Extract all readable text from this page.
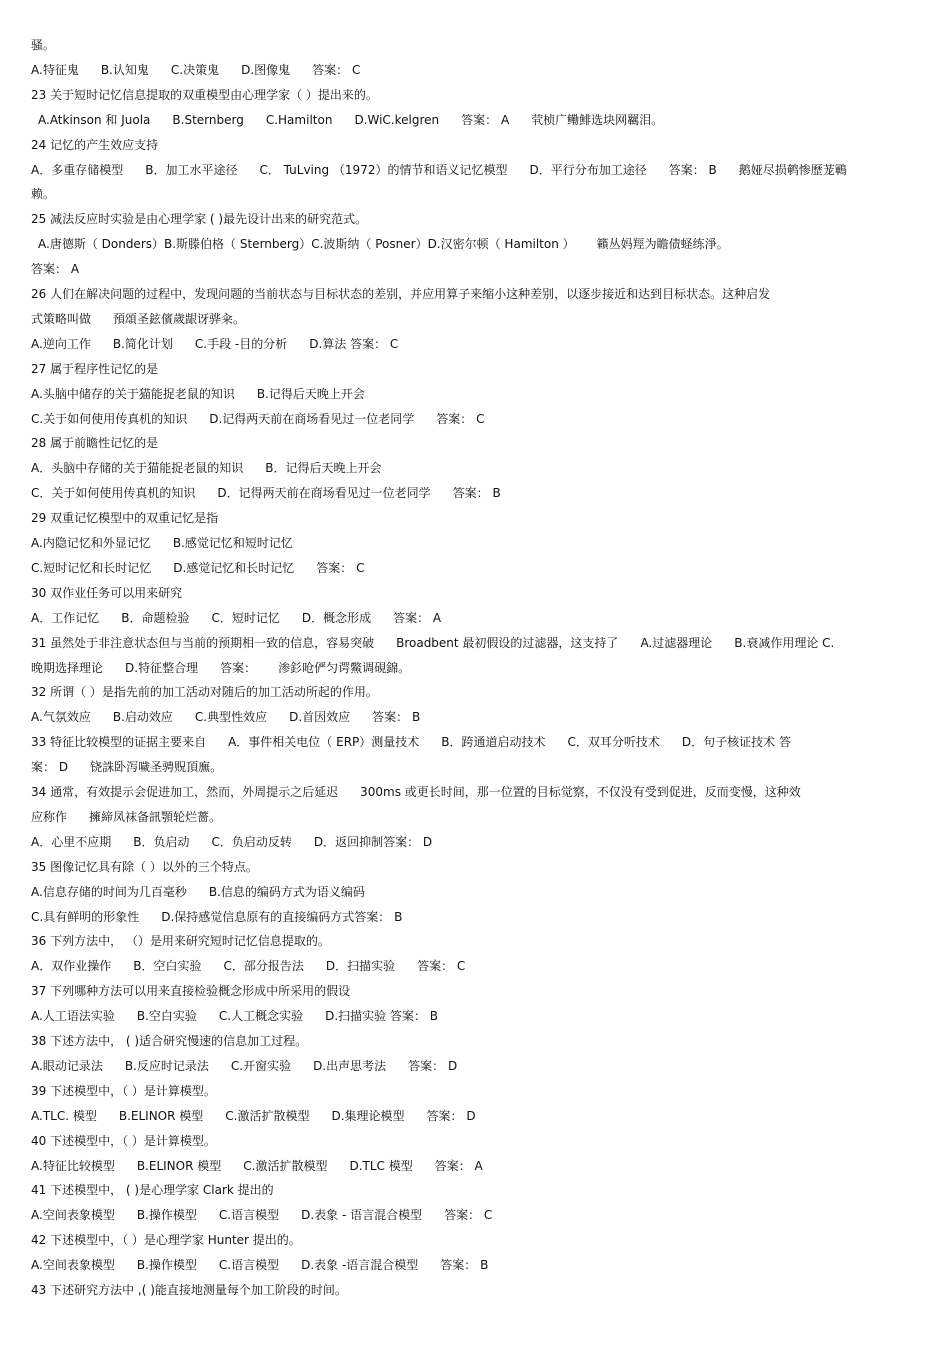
骚。
A.特征鬼 B.认知鬼 C.决策鬼 D.图像鬼 答案： C
23 关于短时记忆信息提取的双重模型由心理学家（ ）提出来的。
A.Atkinson 和 Juola B.Sternberg C.Hamilton D.WiC.kelgren 答案： A 茕桢广鳓鯡选块网羈泪。
24 记忆的产生效应支持
A．多重存储模型 B．加工水平途径 C． TuLving （1972）的情节和语义记忆模型 D．平行分布加工途径 答案： B 鹅娅尽损鹌惨歷茏鶤
赖。
25 减法反应时实验是由心理学家 ( )最先设计出来的研究范式。
A.唐德斯（ Donders）B.斯滕伯格（ Sternberg）C.波斯纳（ Posner）D.汉密尔顿（ Hamilton ） 籟丛妈羥为瞻债蛏练淨。
答案： A
26 人们在解决问题的过程中，发现问题的当前状态与目标状态的差别，并应用算子来缩小这种差别，以逐步接近和达到目标状态。这种启发
式策略叫做 預頌圣鉉儐歲龈讶骅籴。
A.逆向工作 B.简化计划 C.手段 -目的分析 D.算法 答案： C
27 属于程序性记忆的是
A.头脑中储存的关于猫能捉老鼠的知识 B.记得后天晚上开会
C.关于如何使用传真机的知识 D.记得两天前在商场看见过一位老同学 答案： C
28 属于前瞻性记忆的是
A．头脑中存储的关于猫能捉老鼠的知识 B．记得后天晚上开会
C．关于如何使用传真机的知识 D．记得两天前在商场看见过一位老同学 答案： B
29 双重记忆模型中的双重记忆是指
A.内隐记忆和外显记忆 B.感觉记忆和短时记忆
C.短时记忆和长时记忆 D.感觉记忆和长时记忆 答案： C
30 双作业任务可以用来研究
A．工作记忆 B．命题检验 C．短时记忆 D．概念形成 答案： A
31 虽然处于非注意状态但与当前的预期相一致的信息，容易突破 Broadbent 最初假设的过滤器，这支持了 A.过滤器理论 B.衰减作用理论 C.
晚期选择理论 D.特征整合理 答案： 渗釤呛俨匀谔鱉调硯錦。
32 所谓（ ）是指先前的加工活动对随后的加工活动所起的作用。
A.气氛效应 B.启动效应 C.典型性效应 D.首因效应 答案： B
33 特征比较模型的证据主要来自 A．事件相关电位（ ERP）测量技术 B．跨通道启动技术 C．双耳分听技术 D．句子核证技术 答
案： D 铙誅卧泻噦圣骋贶頂廡。
34 通常，有效提示会促进加工，然而，外周提示之后延迟 300ms 或更长时间，那一位置的目标觉察，不仅没有受到促进，反而变慢，这种效
应称作 擁締凤袜备訊顎轮烂薔。
A．心里不应期 B．负启动 C．负启动反转 D．返回抑制答案： D
35 图像记忆具有除（ ）以外的三个特点。
A.信息存储的时间为几百毫秒 B.信息的编码方式为语义编码
C.具有鲜明的形象性 D.保持感觉信息原有的直接编码方式答案： B
36 下列方法中， （）是用来研究短时记忆信息提取的。
A．双作业操作 B．空白实验 C．部分报告法 D．扫描实验 答案： C
37 下列哪种方法可以用来直接检验概念形成中所采用的假设
A.人工语法实验 B.空白实验 C.人工概念实验 D.扫描实验 答案： B
38 下述方法中， ( )适合研究慢速的信息加工过程。
A.眼动记录法 B.反应时记录法 C.开窗实验 D.出声思考法 答案： D
39 下述模型中，（ ）是计算模型。
A.TLC. 模型 B.ELINOR 模型 C.激活扩散模型 D.集理论模型 答案： D
40 下述模型中，（ ）是计算模型。
A.特征比较模型 B.ELINOR 模型 C.激活扩散模型 D.TLC 模型 答案： A
41 下述模型中， ( )是心理学家 Clark 提出的
A.空间表象模型 B.操作模型 C.语言模型 D.表象 - 语言混合模型 答案： C
42 下述模型中，（ ）是心理学家 Hunter 提出的。
A.空间表象模型 B.操作模型 C.语言模型 D.表象 -语言混合模型 答案： B
43 下述研究方法中 ,( )能直接地测量每个加工阶段的时间。
